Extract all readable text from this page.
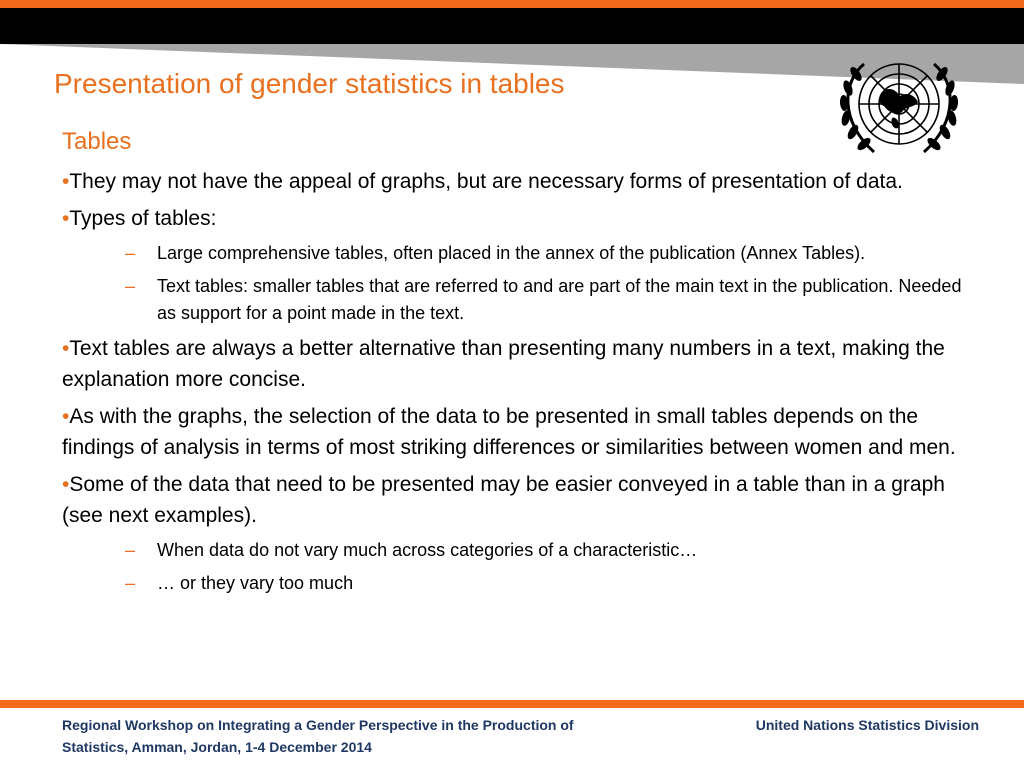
Presentation of gender statistics in tables
Tables
•They may not have the appeal of graphs, but are necessary forms of presentation of data.
•Types of tables:
– Large comprehensive tables, often placed in the annex of the publication (Annex Tables).
– Text tables: smaller tables that are referred to and are part of the main text in the publication. Needed as support for a point made in the text.
•Text tables are always a better alternative than presenting many numbers in a text, making the explanation more concise.
•As with the graphs, the selection of the data to be presented in small tables depends on the findings of analysis in terms of most striking differences or similarities between women and men.
•Some of the data that need to be presented may be easier conveyed in a table than in a graph (see next examples).
– When data do not vary much across categories of a characteristic…
– … or they vary too much
Regional Workshop on Integrating a Gender Perspective in the Production of Statistics, Amman, Jordan, 1-4 December 2014
United Nations Statistics Division
